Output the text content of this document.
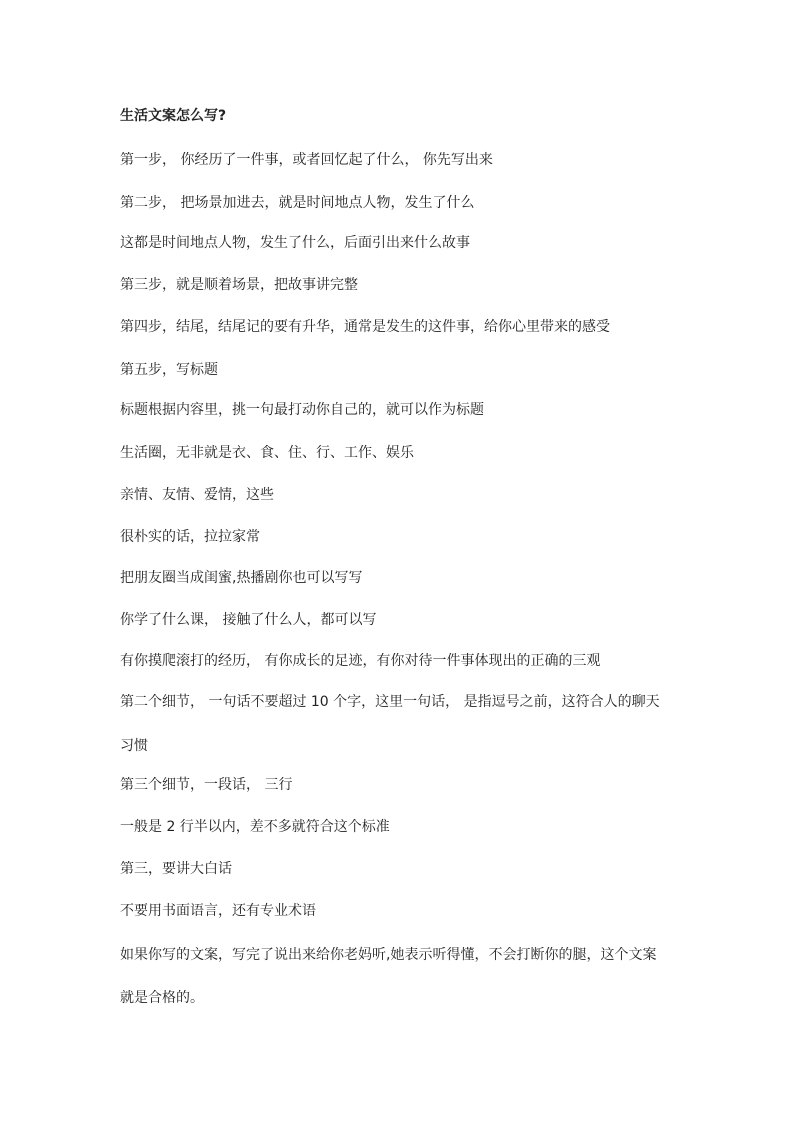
生活文案怎么写?
第一步， 你经历了一件事，或者回忆起了什么， 你先写出来
第二步， 把场景加进去，就是时间地点人物，发生了什么
这都是时间地点人物，发生了什么，后面引出来什么故事
第三步，就是顺着场景，把故事讲完整
第四步，结尾，结尾记的要有升华，通常是发生的这件事，给你心里带来的感受
第五步，写标题
标题根据内容里，挑一句最打动你自己的，就可以作为标题
生活圈，无非就是衣、食、住、行、工作、娱乐
亲情、友情、爱情，这些
很朴实的话，拉拉家常
把朋友圈当成闺蜜,热播剧你也可以写写
你学了什么课， 接触了什么人，都可以写
有你摸爬滚打的经历， 有你成长的足迹，有你对待一件事体现出的正确的三观
第二个细节， 一句话不要超过 10 个字，这里一句话， 是指逗号之前，这符合人的聊天
习惯
第三个细节，一段话， 三行
一般是 2 行半以内，差不多就符合这个标准
第三，要讲大白话
不要用书面语言，还有专业术语
如果你写的文案，写完了说出来给你老妈听,她表示听得懂，不会打断你的腿，这个文案
就是合格的。
